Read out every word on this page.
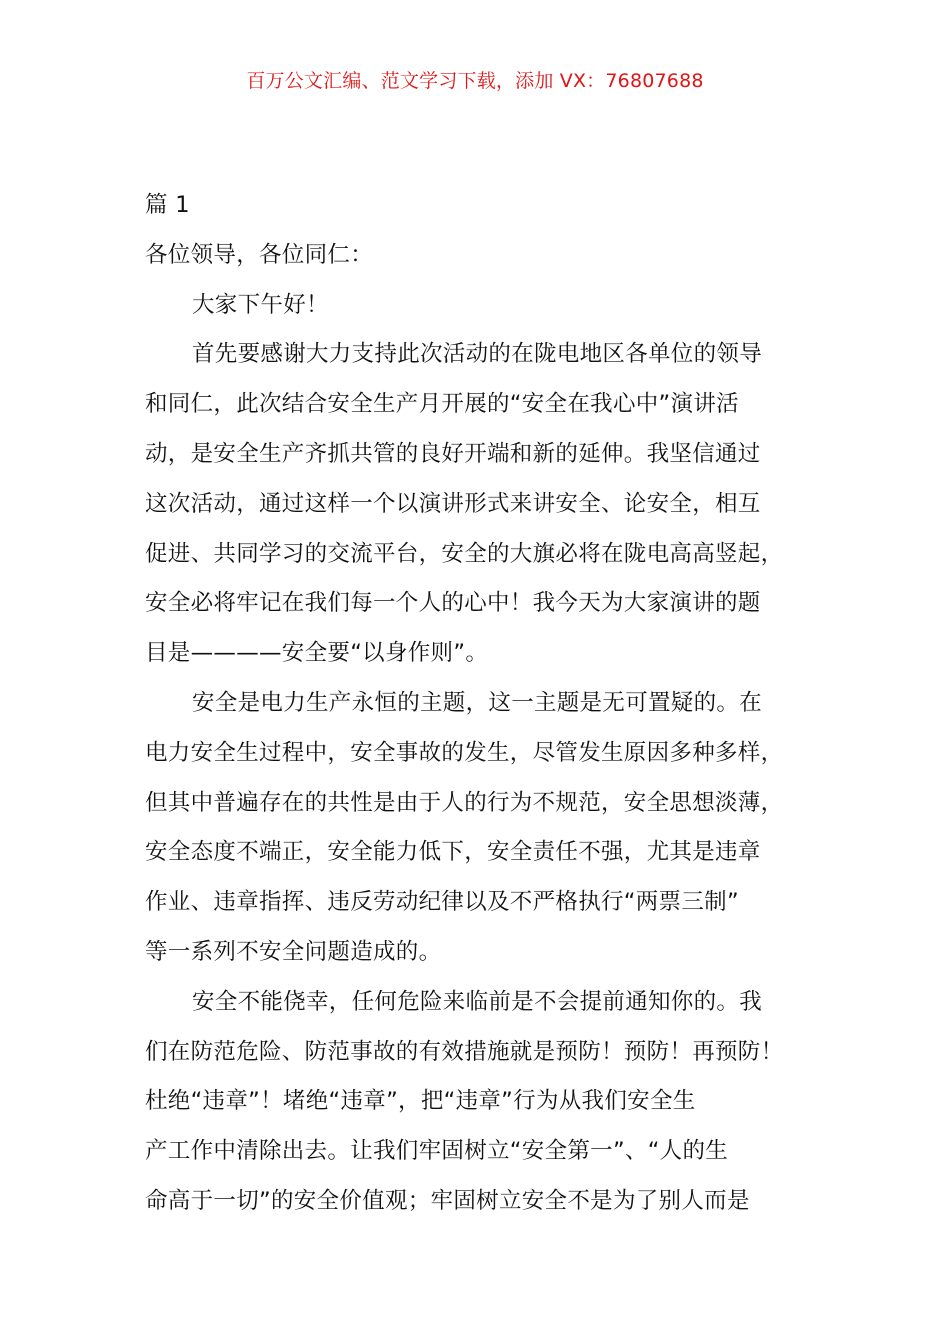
百万公文汇编、范文学习下载，添加 VX：76807688
篇 1
各位领导，各位同仁：
大家下午好！
首先要感谢大力支持此次活动的在陇电地区各单位的领导
和同仁，此次结合安全生产月开展的“安全在我心中”演讲活
动，是安全生产齐抓共管的良好开端和新的延伸。我坚信通过
这次活动，通过这样一个以演讲形式来讲安全、论安全，相互
促进、共同学习的交流平台，安全的大旗必将在陇电高高竖起，
安全必将牢记在我们每一个人的心中！我今天为大家演讲的题
目是————安全要“以身作则”。
安全是电力生产永恒的主题，这一主题是无可置疑的。在
电力安全生过程中，安全事故的发生，尽管发生原因多种多样，
但其中普遍存在的共性是由于人的行为不规范，安全思想淡薄，
安全态度不端正，安全能力低下，安全责任不强，尤其是违章
作业、违章指挥、违反劳动纪律以及不严格执行“两票三制”
等一系列不安全问题造成的。
安全不能侥幸，任何危险来临前是不会提前通知你的。我
们在防范危险、防范事故的有效措施就是预防！预防！再预防！
杜绝“违章”！堵绝“违章”，把“违章”行为从我们安全生
产工作中清除出去。让我们牢固树立“安全第一”、“人的生
命高于一切”的安全价值观；牢固树立安全不是为了别人而是
